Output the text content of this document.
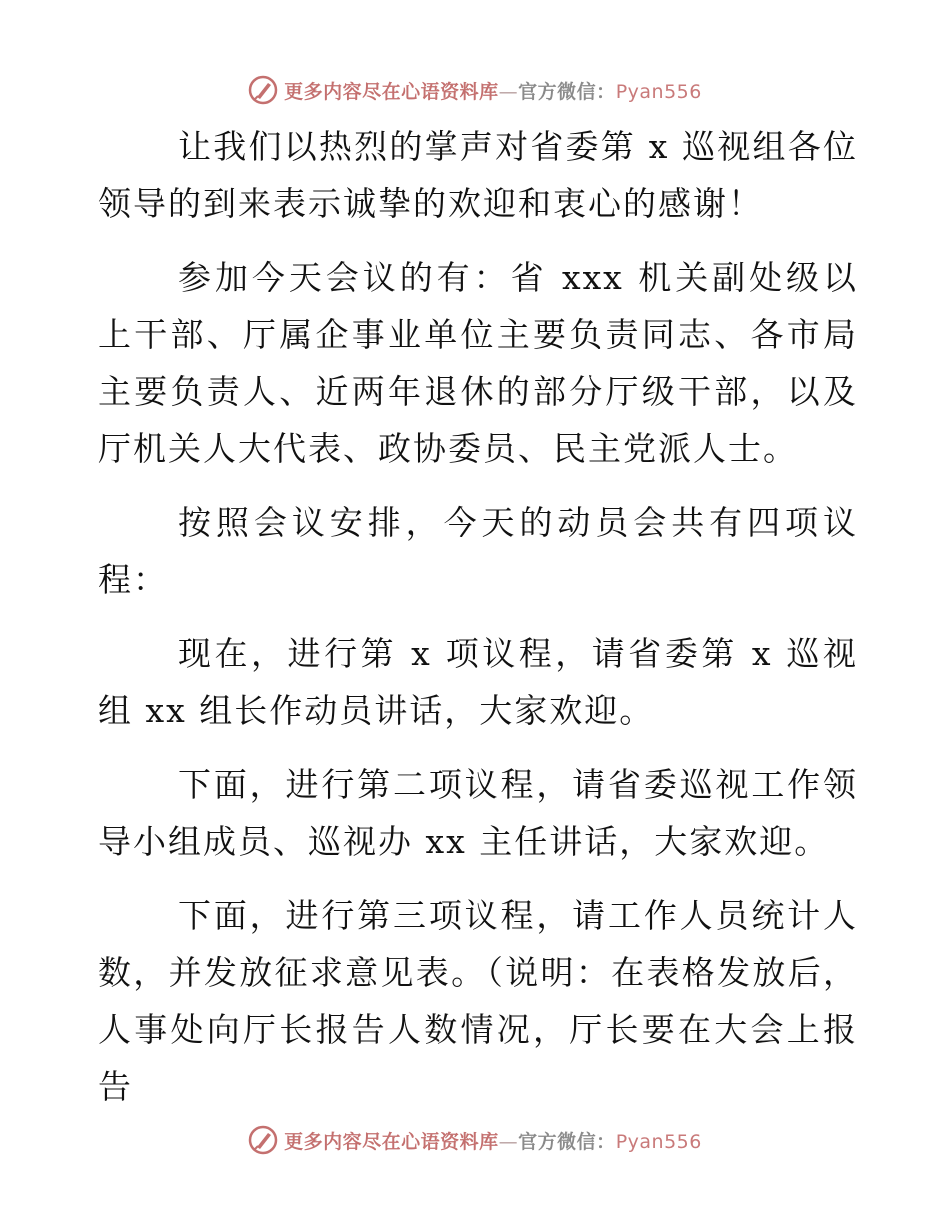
更多内容尽在心语资料库—官方微信：Pyan556

让我们以热烈的掌声对省委第 x 巡视组各位领导的到来表示诚挚的欢迎和衷心的感谢！

参加今天会议的有：省 xxx 机关副处级以上干部、厅属企事业单位主要负责同志、各市局主要负责人、近两年退休的部分厅级干部，以及厅机关人大代表、政协委员、民主党派人士。

按照会议安排，今天的动员会共有四项议程：

现在，进行第 x 项议程，请省委第 x 巡视组 xx 组长作动员讲话，大家欢迎。

下面，进行第二项议程，请省委巡视工作领导小组成员、巡视办 xx 主任讲话，大家欢迎。

下面，进行第三项议程，请工作人员统计人数，并发放征求意见表。（说明：在表格发放后，人事处向厅长报告人数情况，厅长要在大会上报告

更多内容尽在心语资料库—官方微信：Pyan556
